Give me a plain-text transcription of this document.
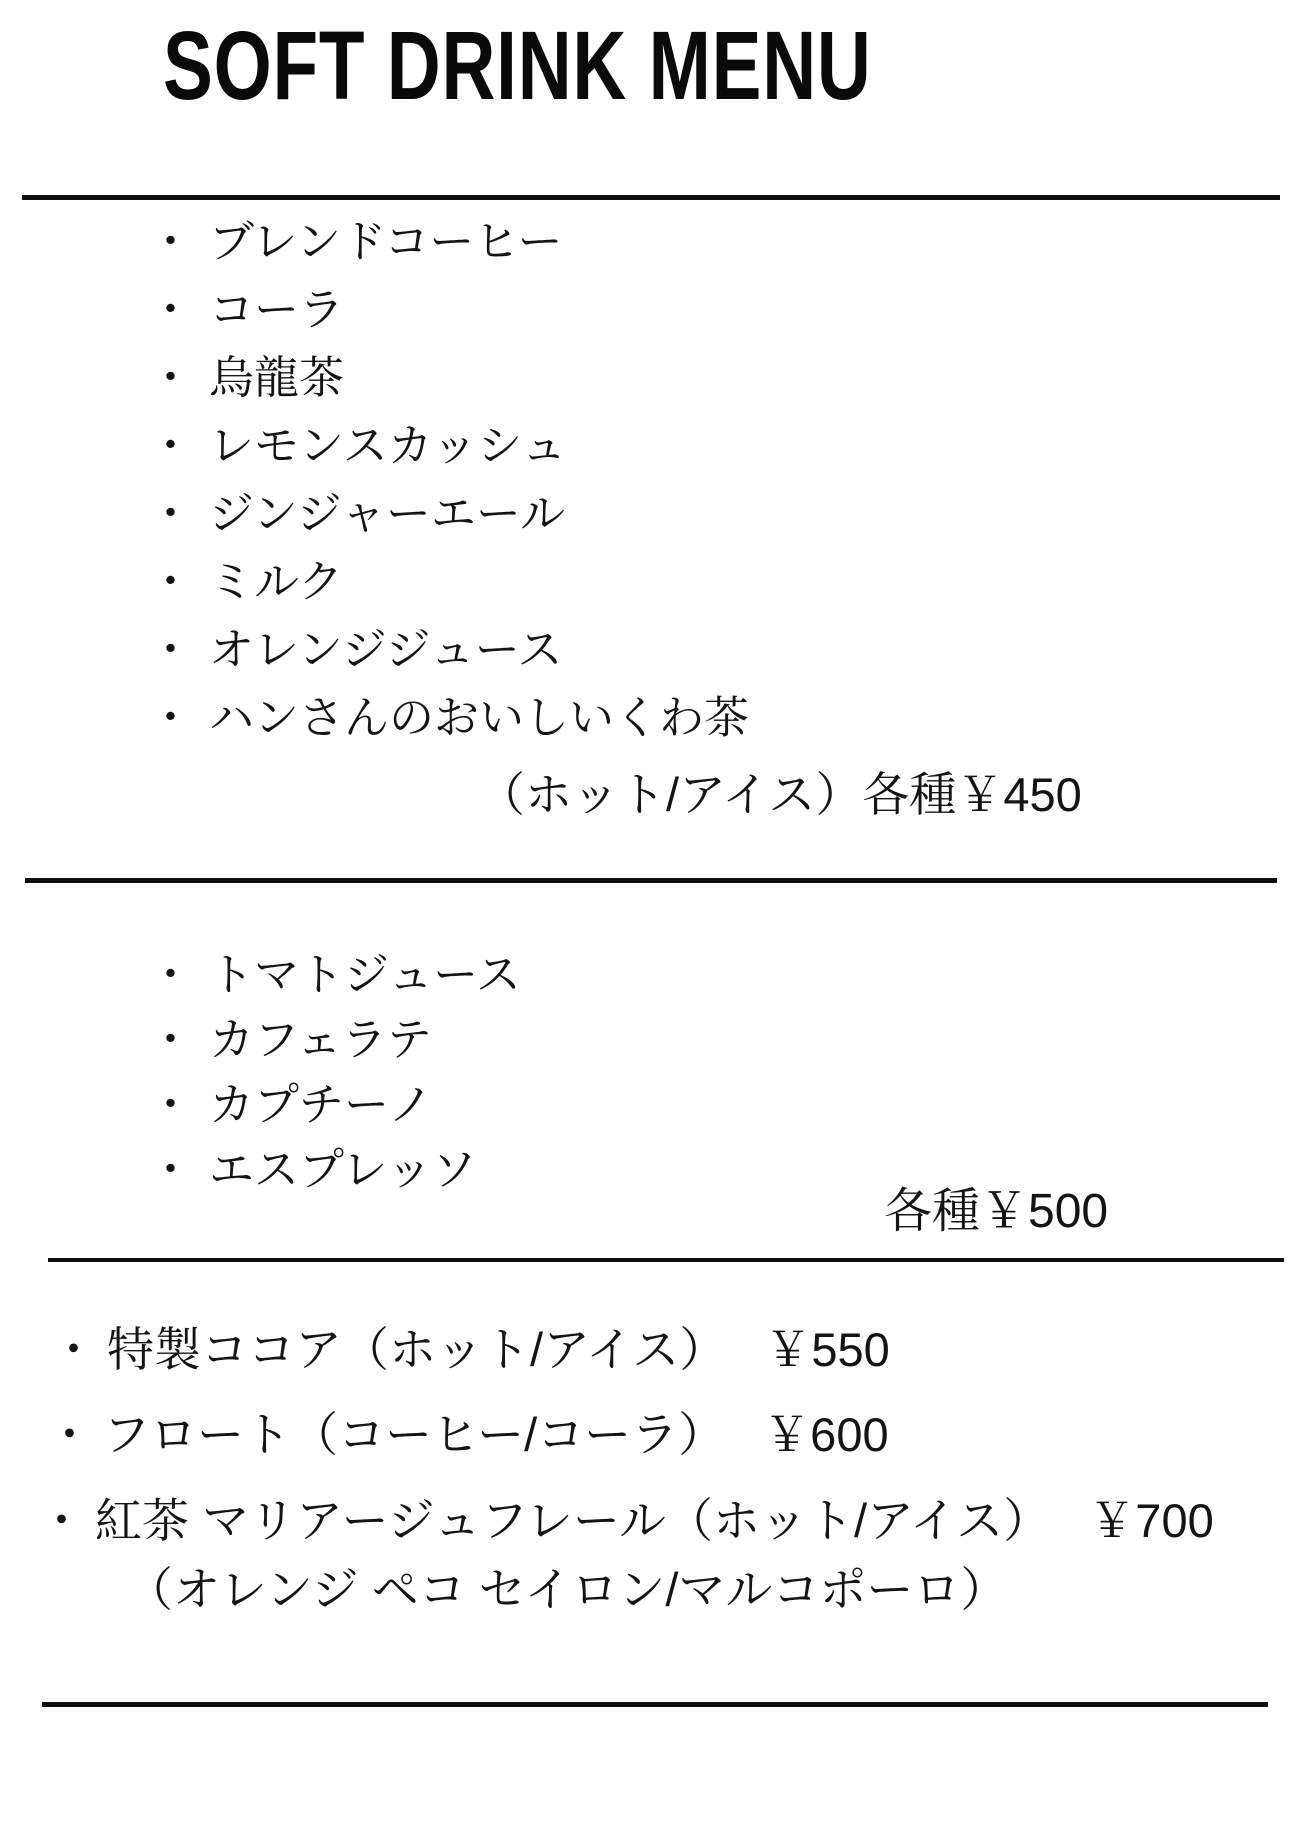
SOFT DRINK MENU
・ ブレンドコーヒー
・ コーラ
・ 烏龍茶
・ レモンスカッシュ
・ ジンジャーエール
・ ミルク
・ オレンジジュース
・ ハンさんのおいしいくわ茶
（ホット/アイス）各種￥450
・ トマトジュース
・ カフェラテ
・ カプチーノ
・ エスプレッソ
各種￥500
・ 特製ココア（ホット/アイス） ￥550
・ フロート（コーヒー/コーラ） ￥600
・ 紅茶 マリアージュフレール（ホット/アイス） ￥700
（オレンジ ペコ セイロン/マルコポーロ）
